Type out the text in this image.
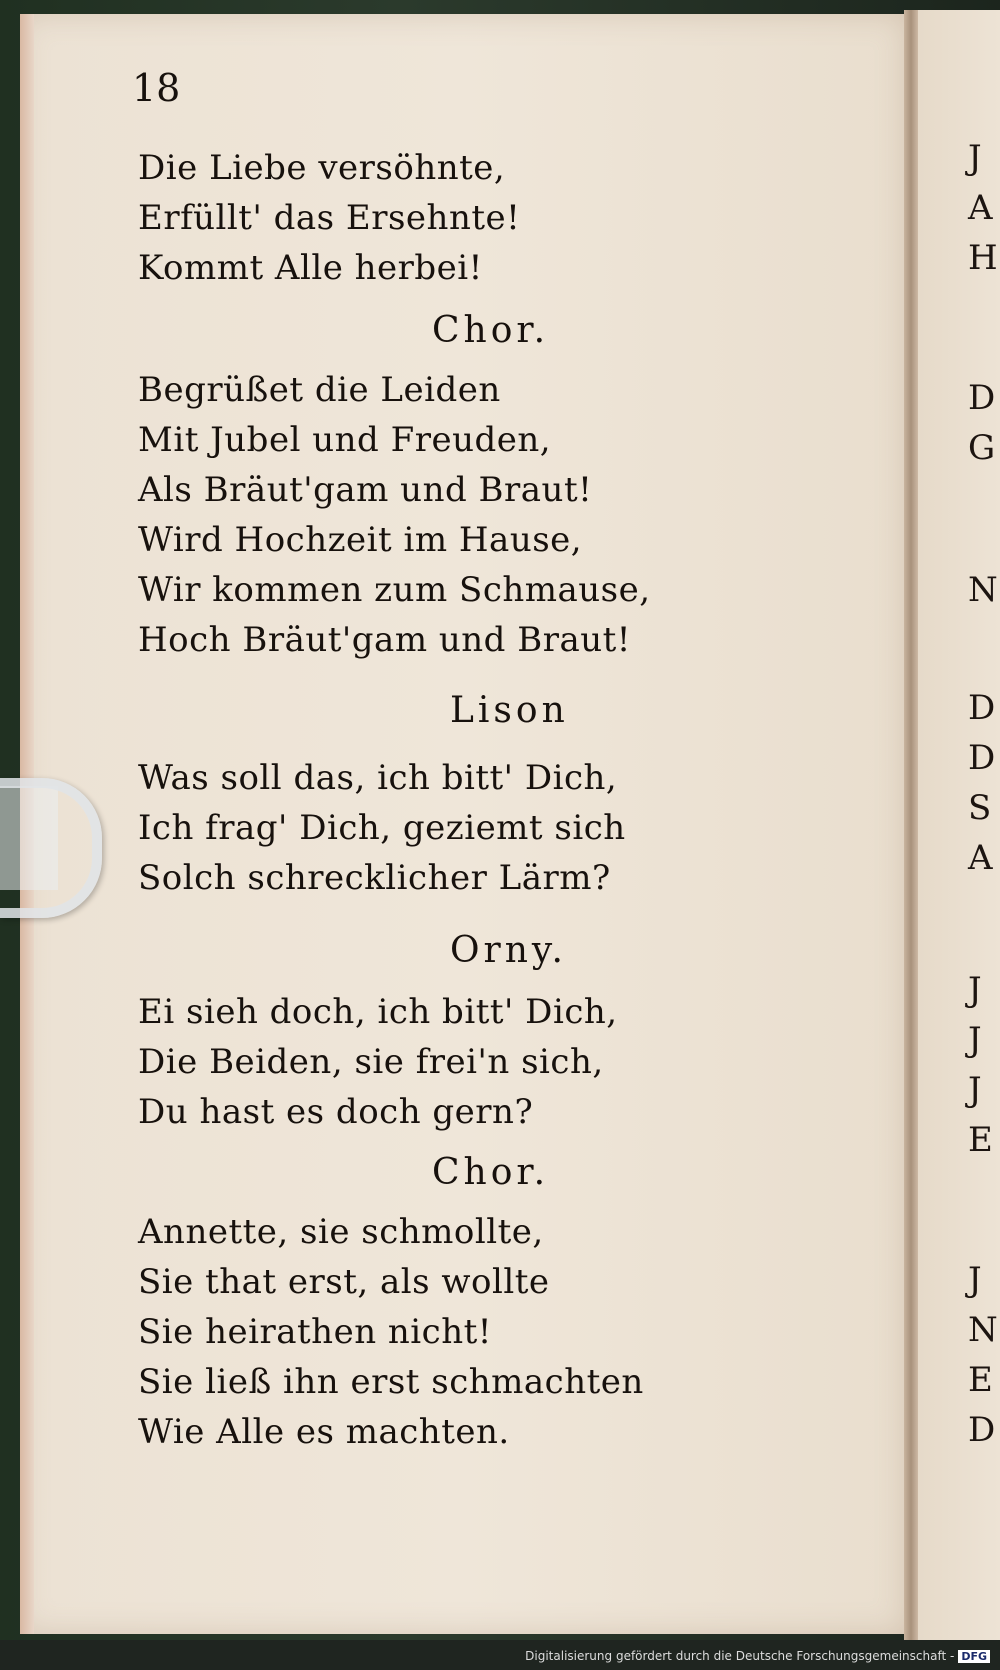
J
A
H
D
G
N
D
D
S
A
J
J
J
E
J
N
E
D
18
Die Liebe versöhnte,
Erfüllt' das Ersehnte!
Kommt Alle herbei!
Chor.
Begrüßet die Leiden
Mit Jubel und Freuden,
Als Bräut'gam und Braut!
Wird Hochzeit im Hause,
Wir kommen zum Schmause,
Hoch Bräut'gam und Braut!
Lison
Was soll das, ich bitt' Dich,
Ich frag' Dich, geziemt sich
Solch schrecklicher Lärm?
Orny.
Ei sieh doch, ich bitt' Dich,
Die Beiden, sie frei'n sich,
Du hast es doch gern?
Chor.
Annette, sie schmollte,
Sie that erst, als wollte
Sie heirathen nicht!
Sie ließ ihn erst schmachten
Wie Alle es machten.
Digitalisierung gefördert durch die Deutsche Forschungsgemeinschaft - DFG
